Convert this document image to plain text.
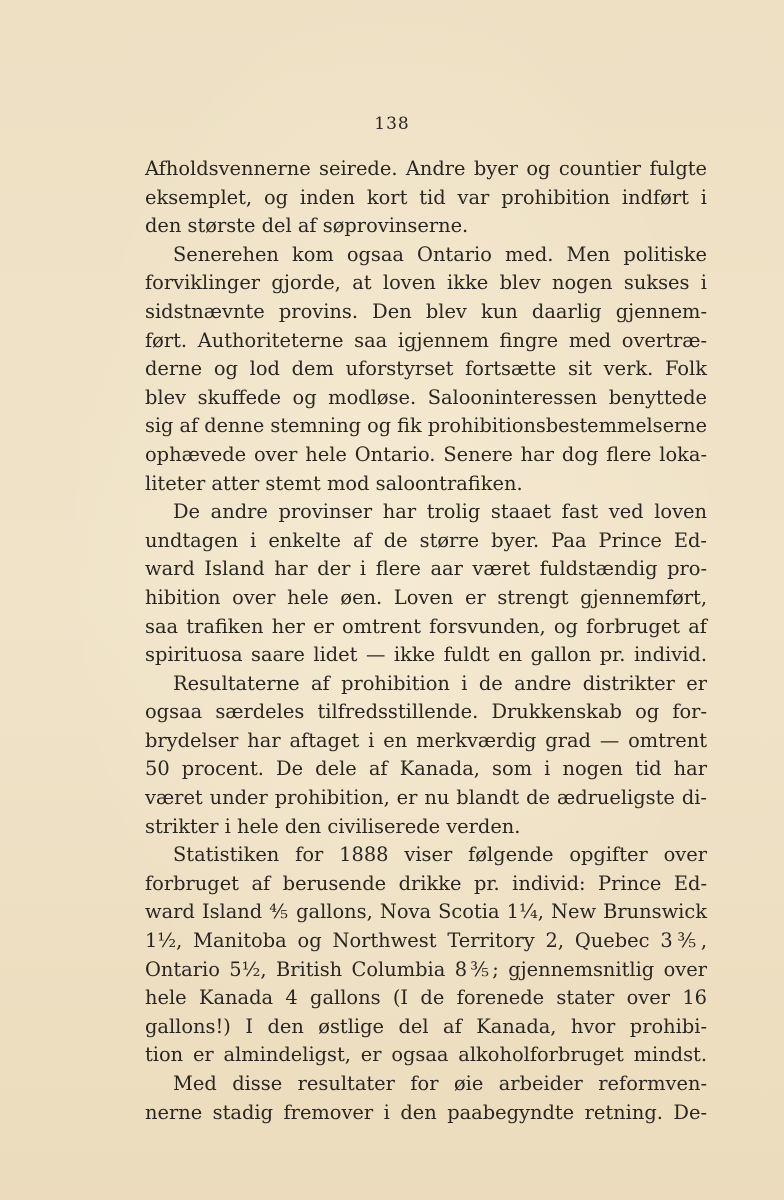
138
Afholdsvennerne seirede. Andre byer og countier fulgte
eksemplet, og inden kort tid var prohibition indført i
den største del af søprovinserne.
Senerehen kom ogsaa Ontario med. Men politiske
forviklinger gjorde, at loven ikke blev nogen sukses i
sidstnævnte provins. Den blev kun daarlig gjennem-
ført. Authoriteterne saa igjennem fingre med overtræ-
derne og lod dem uforstyrset fortsætte sit verk. Folk
blev skuffede og modløse. Salooninteressen benyttede
sig af denne stemning og fik prohibitionsbestemmelserne
ophævede over hele Ontario. Senere har dog flere loka-
liteter atter stemt mod saloontrafiken.
De andre provinser har trolig staaet fast ved loven
undtagen i enkelte af de større byer. Paa Prince Ed-
ward Island har der i flere aar været fuldstændig pro-
hibition over hele øen. Loven er strengt gjennemført,
saa trafiken her er omtrent forsvunden, og forbruget af
spirituosa saare lidet — ikke fuldt en gallon pr. individ.
Resultaterne af prohibition i de andre distrikter er
ogsaa særdeles tilfredsstillende. Drukkenskab og for-
brydelser har aftaget i en merkværdig grad — omtrent
50 procent. De dele af Kanada, som i nogen tid har
været under prohibition, er nu blandt de ædrueligste di-
strikter i hele den civiliserede verden.
Statistiken for 1888 viser følgende opgifter over
forbruget af berusende drikke pr. individ: Prince Ed-
ward Island ⅘ gallons, Nova Scotia 1¼, New Brunswick
1½, Manitoba og Northwest Territory 2, Quebec 3⅗,
Ontario 5½, British Columbia 8⅗; gjennemsnitlig over
hele Kanada 4 gallons (I de forenede stater over 16
gallons!) I den østlige del af Kanada, hvor prohibi-
tion er almindeligst, er ogsaa alkoholforbruget mindst.
Med disse resultater for øie arbeider reformven-
nerne stadig fremover i den paabegyndte retning. De-
